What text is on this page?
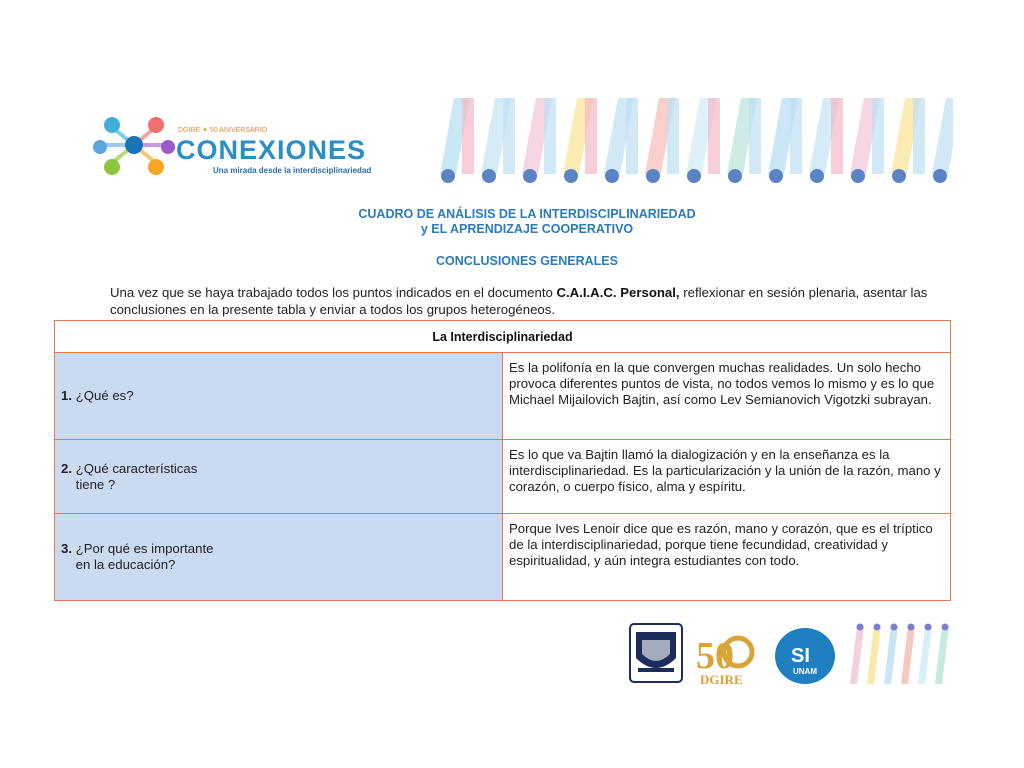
DGIRE ✦ 50 ANIVERSARIO
CONEXIONES
Una mirada desde la interdisciplinariedad
CUADRO DE ANÁLISIS DE LA INTERDISCIPLINARIEDAD
y EL APRENDIZAJE COOPERATIVO
CONCLUSIONES GENERALES
Una vez que se haya trabajado todos los puntos indicados en el documento C.A.I.A.C. Personal, reflexionar en sesión plenaria, asentar las conclusiones en la presente tabla y enviar a todos los grupos heterogéneos.
La Interdisciplinariedad	
1. ¿Qué es?	Es la polifonía en la que convergen muchas realidades. Un solo hecho provoca diferentes puntos de vista, no todos vemos lo mismo y es lo que Michael Mijailovich Bajtin, así como Lev Semianovich Vigotzki subrayan.
2. ¿Qué características tiene ?	Es lo que va Bajtin llamó la dialogización y en la enseñanza es la interdisciplinariedad. Es la particularización y la unión de la razón, mano y corazón, o cuerpo físico, alma y espíritu.
3. ¿Por qué es importante en la educación?	Porque Ives Lenoir dice que es razón, mano y corazón, que es el tríptico de la interdisciplinariedad, porque tiene fecundidad, creatividad y espiritualidad, y aún integra estudiantes con todo.
50
DGIRE
SI
UNAM
